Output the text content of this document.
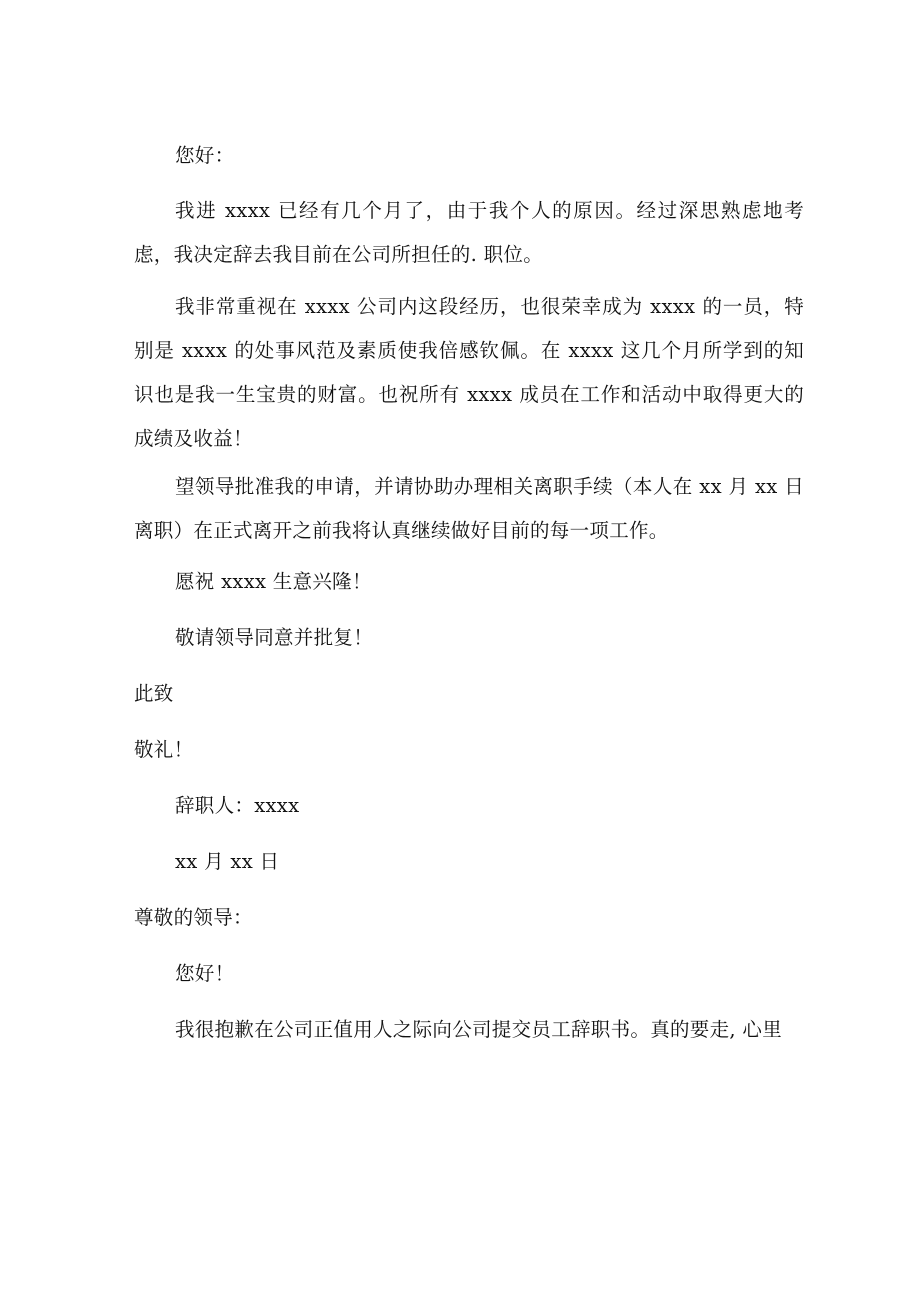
您好：
我进 xxxx 已经有几个月了，由于我个人的原因。经过深思熟虑地考虑，我决定辞去我目前在公司所担任的. 职位。
我非常重视在 xxxx 公司内这段经历，也很荣幸成为 xxxx 的一员，特别是 xxxx 的处事风范及素质使我倍感钦佩。在 xxxx 这几个月所学到的知识也是我一生宝贵的财富。也祝所有 xxxx 成员在工作和活动中取得更大的成绩及收益！
望领导批准我的申请，并请协助办理相关离职手续（本人在 xx 月 xx 日离职）在正式离开之前我将认真继续做好目前的每一项工作。
愿祝 xxxx 生意兴隆！
敬请领导同意并批复！
此致
敬礼！
辞职人：xxxx
xx 月 xx 日
尊敬的领导：
您好！
我很抱歉在公司正值用人之际向公司提交员工辞职书。真的要走, 心里
